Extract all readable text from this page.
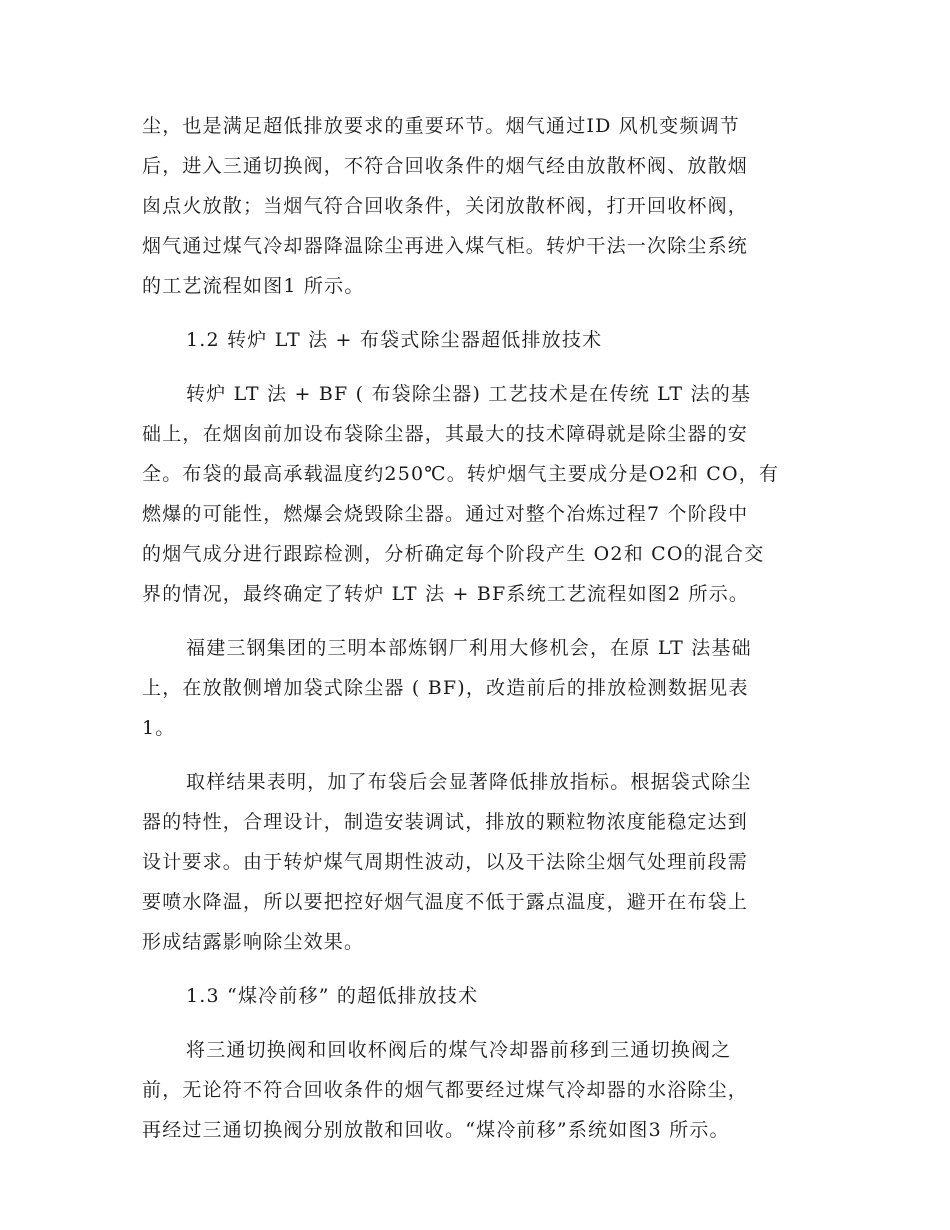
尘，也是满足超低排放要求的重要环节。烟气通过ID 风机变频调节
后，进入三通切换阀，不符合回收条件的烟气经由放散杯阀、放散烟
囱点火放散；当烟气符合回收条件，关闭放散杯阀，打开回收杯阀，
烟气通过煤气冷却器降温除尘再进入煤气柜。转炉干法一次除尘系统
的工艺流程如图1 所示。
1.2 转炉 LT 法 + 布袋式除尘器超低排放技术
转炉 LT 法 + BF ( 布袋除尘器) 工艺技术是在传统 LT 法的基
础上，在烟囱前加设布袋除尘器，其最大的技术障碍就是除尘器的安
全。布袋的最高承载温度约250℃。转炉烟气主要成分是O2和 CO，有
燃爆的可能性，燃爆会烧毁除尘器。通过对整个冶炼过程7 个阶段中
的烟气成分进行跟踪检测，分析确定每个阶段产生 O2和 CO的混合交
界的情况，最终确定了转炉 LT 法 + BF系统工艺流程如图2 所示。
福建三钢集团的三明本部炼钢厂利用大修机会，在原 LT 法基础
上，在放散侧增加袋式除尘器 ( BF)，改造前后的排放检测数据见表
1。
取样结果表明，加了布袋后会显著降低排放指标。根据袋式除尘
器的特性，合理设计，制造安装调试，排放的颗粒物浓度能稳定达到
设计要求。由于转炉煤气周期性波动，以及干法除尘烟气处理前段需
要喷水降温，所以要把控好烟气温度不低于露点温度，避开在布袋上
形成结露影响除尘效果。
1.3 “煤冷前移” 的超低排放技术
将三通切换阀和回收杯阀后的煤气冷却器前移到三通切换阀之
前，无论符不符合回收条件的烟气都要经过煤气冷却器的水浴除尘，
再经过三通切换阀分别放散和回收。“煤冷前移”系统如图3 所示。
